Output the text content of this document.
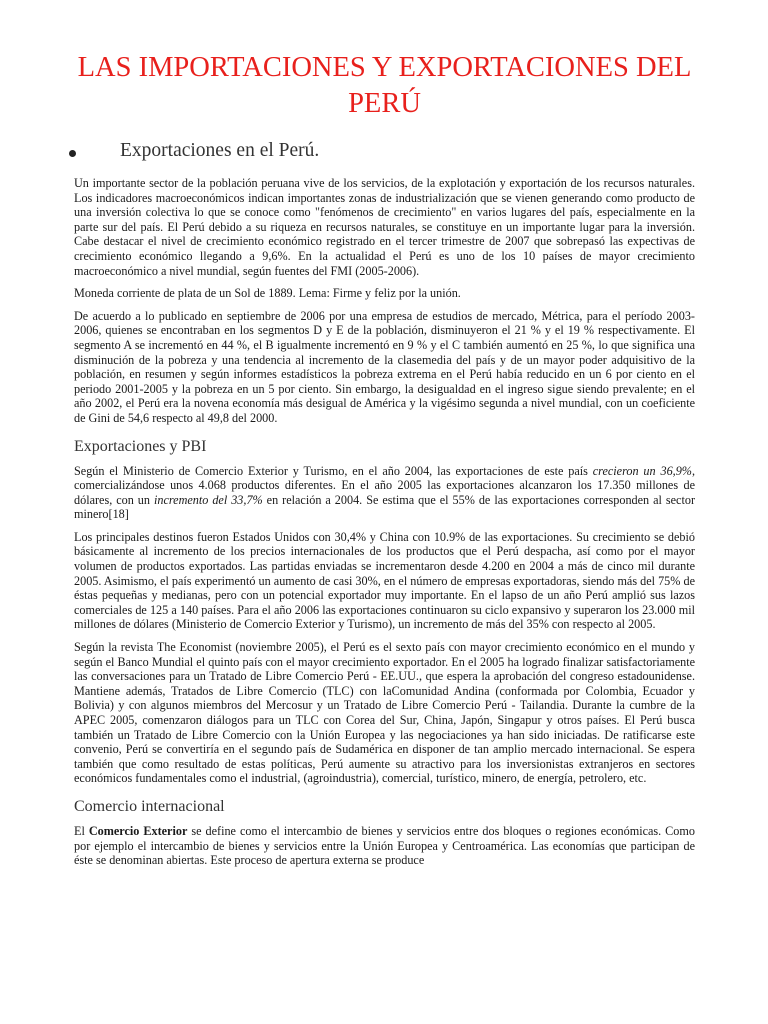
LAS IMPORTACIONES Y EXPORTACIONES DEL PERÚ
Exportaciones en el Perú.

Un importante sector de la población peruana vive de los servicios, de la explotación y exportación de los recursos naturales. Los indicadores macroeconómicos indican importantes zonas de industrialización que se vienen generando como producto de una inversión colectiva lo que se conoce como "fenómenos de crecimiento" en varios lugares del país, especialmente en la parte sur del país. El Perú debido a su riqueza en recursos naturales, se constituye en un importante lugar para la inversión. Cabe destacar el nivel de crecimiento económico registrado en el tercer trimestre de 2007 que sobrepasó las expectivas de crecimiento económico llegando a 9,6%. En la actualidad el Perú es uno de los 10 países de mayor crecimiento macroeconómico a nivel mundial, según fuentes del FMI (2005-2006).

Moneda corriente de plata de un Sol de 1889. Lema: Firme y feliz por la unión.

De acuerdo a lo publicado en septiembre de 2006 por una empresa de estudios de mercado, Métrica, para el período 2003-2006, quienes se encontraban en los segmentos D y E de la población, disminuyeron el 21 % y el 19 % respectivamente. El segmento A se incrementó en 44 %, el B igualmente incrementó en 9 % y el C también aumentó en 25 %, lo que significa una disminución de la pobreza y una tendencia al incremento de la clasemedia del país y de un mayor poder adquisitivo de la población, en resumen y según informes estadísticos la pobreza extrema en el Perú había reducido en un 6 por ciento en el periodo 2001-2005 y la pobreza en un 5 por ciento. Sin embargo, la desigualdad en el ingreso sigue siendo prevalente; en el año 2002, el Perú era la novena economía más desigual de América y la vigésimo segunda a nivel mundial, con un coeficiente de Gini de 54,6 respecto al 49,8 del 2000.

Exportaciones y PBI

Según el Ministerio de Comercio Exterior y Turismo, en el año 2004, las exportaciones de este país crecieron un 36,9%, comercializándose unos 4.068 productos diferentes. En el año 2005 las exportaciones alcanzaron los 17.350 millones de dólares, con un incremento del 33,7% en relación a 2004. Se estima que el 55% de las exportaciones corresponden al sector minero[18]

Los principales destinos fueron Estados Unidos con 30,4% y China con 10.9% de las exportaciones. Su crecimiento se debió básicamente al incremento de los precios internacionales de los productos que el Perú despacha, así como por el mayor volumen de productos exportados. Las partidas enviadas se incrementaron desde 4.200 en 2004 a más de cinco mil durante 2005. Asimismo, el país experimentó un aumento de casi 30%, en el número de empresas exportadoras, siendo más del 75% de éstas pequeñas y medianas, pero con un potencial exportador muy importante. En el lapso de un año Perú amplió sus lazos comerciales de 125 a 140 países. Para el año 2006 las exportaciones continuaron su ciclo expansivo y superaron los 23.000 mil millones de dólares (Ministerio de Comercio Exterior y Turismo), un incremento de más del 35% con respecto al 2005.

Según la revista The Economist (noviembre 2005), el Perú es el sexto país con mayor crecimiento económico en el mundo y según el Banco Mundial el quinto país con el mayor crecimiento exportador. En el 2005 ha logrado finalizar satisfactoriamente las conversaciones para un Tratado de Libre Comercio Perú - EE.UU., que espera la aprobación del congreso estadounidense. Mantiene además, Tratados de Libre Comercio (TLC) con laComunidad Andina (conformada por Colombia, Ecuador y Bolivia) y con algunos miembros del Mercosur y un Tratado de Libre Comercio Perú - Tailandia. Durante la cumbre de la APEC 2005, comenzaron diálogos para un TLC con Corea del Sur, China, Japón, Singapur y otros países. El Perú busca también un Tratado de Libre Comercio con la Unión Europea y las negociaciones ya han sido iniciadas. De ratificarse este convenio, Perú se convertiría en el segundo país de Sudamérica en disponer de tan amplio mercado internacional. Se espera también que como resultado de estas políticas, Perú aumente su atractivo para los inversionistas extranjeros en sectores económicos fundamentales como el industrial, (agroindustria), comercial, turístico, minero, de energía, petrolero, etc.

Comercio internacional

El Comercio Exterior se define como el intercambio de bienes y servicios entre dos bloques o regiones económicas. Como por ejemplo el intercambio de bienes y servicios entre la Unión Europea y Centroamérica. Las economías que participan de éste se denominan abiertas. Este proceso de apertura externa se produce
